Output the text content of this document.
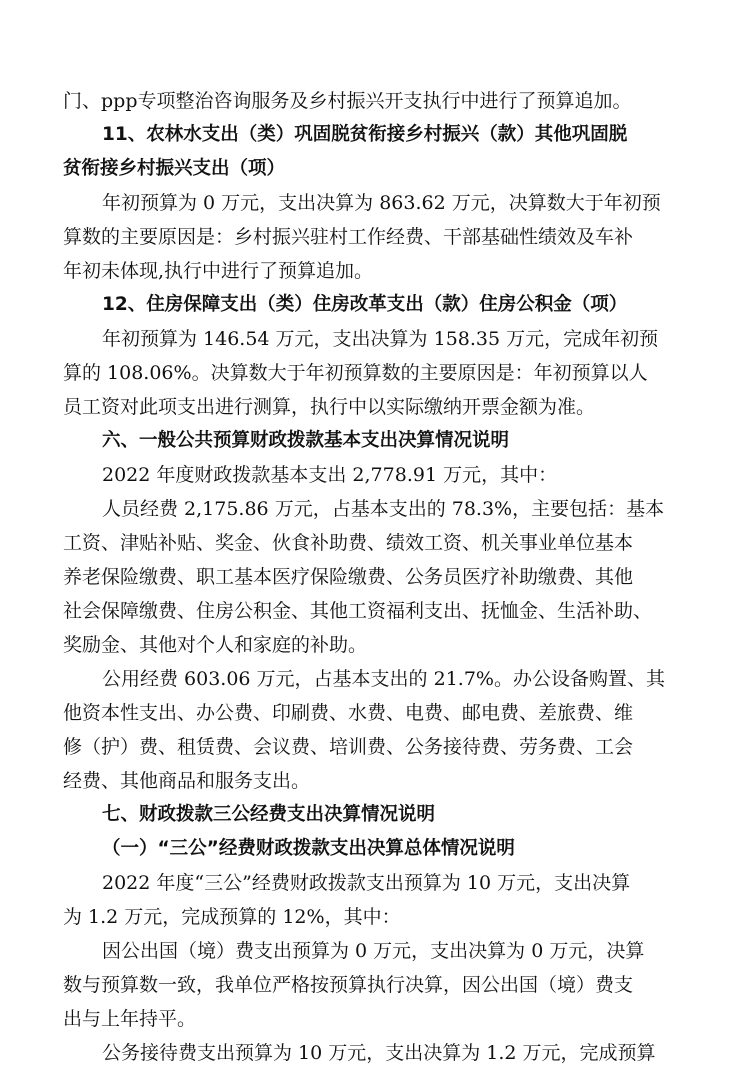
门、ppp专项整治咨询服务及乡村振兴开支执行中进行了预算追加。
11、农林水支出（类）巩固脱贫衔接乡村振兴（款）其他巩固脱
贫衔接乡村振兴支出（项）
年初预算为 0 万元，支出决算为 863.62 万元，决算数大于年初预
算数的主要原因是：乡村振兴驻村工作经费、干部基础性绩效及车补
年初未体现,执行中进行了预算追加。
12、住房保障支出（类）住房改革支出（款）住房公积金（项）
年初预算为 146.54 万元，支出决算为 158.35 万元，完成年初预
算的 108.06%。决算数大于年初预算数的主要原因是：年初预算以人
员工资对此项支出进行测算，执行中以实际缴纳开票金额为准。
六、一般公共预算财政拨款基本支出决算情况说明
2022 年度财政拨款基本支出 2,778.91 万元，其中：
人员经费 2,175.86 万元，占基本支出的 78.3%，主要包括：基本
工资、津贴补贴、奖金、伙食补助费、绩效工资、机关事业单位基本
养老保险缴费、职工基本医疗保险缴费、公务员医疗补助缴费、其他
社会保障缴费、住房公积金、其他工资福利支出、抚恤金、生活补助、
奖励金、其他对个人和家庭的补助。
公用经费 603.06 万元，占基本支出的 21.7%。办公设备购置、其
他资本性支出、办公费、印刷费、水费、电费、邮电费、差旅费、维
修（护）费、租赁费、会议费、培训费、公务接待费、劳务费、工会
经费、其他商品和服务支出。
七、财政拨款三公经费支出决算情况说明
（一）“三公”经费财政拨款支出决算总体情况说明
2022 年度“三公”经费财政拨款支出预算为 10 万元，支出决算
为 1.2 万元，完成预算的 12%，其中：
因公出国（境）费支出预算为 0 万元，支出决算为 0 万元，决算
数与预算数一致，我单位严格按预算执行决算，因公出国（境）费支
出与上年持平。
公务接待费支出预算为 10 万元，支出决算为 1.2 万元，完成预算
